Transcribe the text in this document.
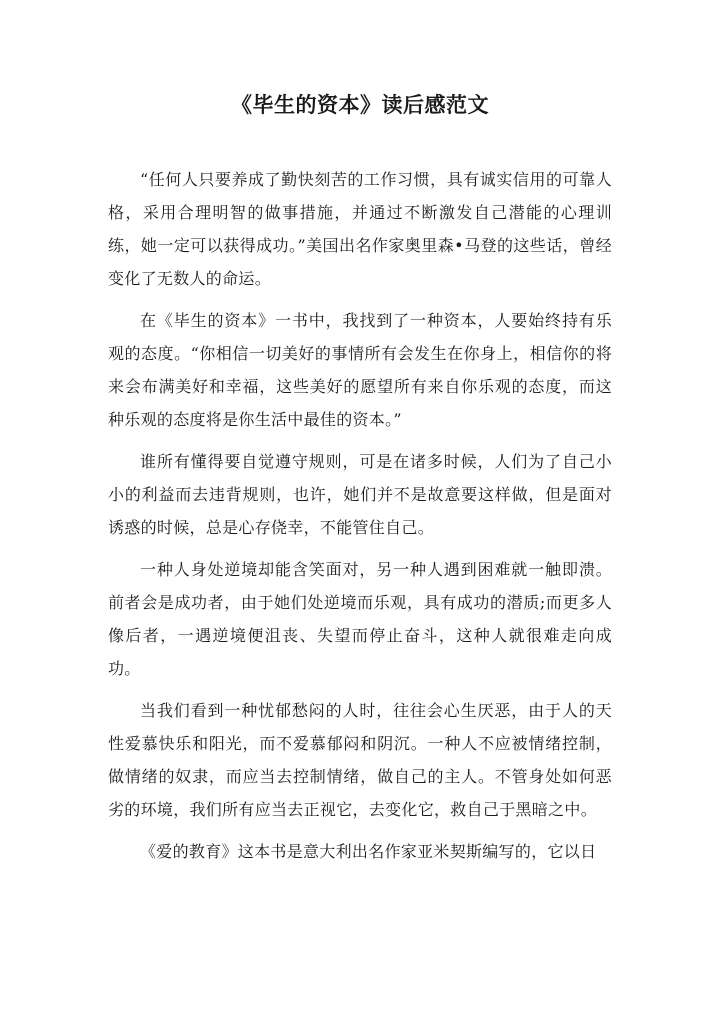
《毕生的资本》读后感范文

“任何人只要养成了勤快刻苦的工作习惯，具有诚实信用的可靠人格，采用合理明智的做事措施，并通过不断激发自己潜能的心理训练，她一定可以获得成功。”美国出名作家奥里森•马登的这些话，曾经变化了无数人的命运。

在《毕生的资本》一书中，我找到了一种资本，人要始终持有乐观的态度。“你相信一切美好的事情所有会发生在你身上，相信你的将来会布满美好和幸福，这些美好的愿望所有来自你乐观的态度，而这种乐观的态度将是你生活中最佳的资本。”

谁所有懂得要自觉遵守规则，可是在诸多时候，人们为了自己小小的利益而去违背规则，也许，她们并不是故意要这样做，但是面对诱惑的时候，总是心存侥幸，不能管住自己。

一种人身处逆境却能含笑面对，另一种人遇到困难就一触即溃。前者会是成功者，由于她们处逆境而乐观，具有成功的潜质;而更多人像后者，一遇逆境便沮丧、失望而停止奋斗，这种人就很难走向成功。

当我们看到一种忧郁愁闷的人时，往往会心生厌恶，由于人的天性爱慕快乐和阳光，而不爱慕郁闷和阴沉。一种人不应被情绪控制，做情绪的奴隶，而应当去控制情绪，做自己的主人。不管身处如何恶劣的环境，我们所有应当去正视它，去变化它，救自己于黑暗之中。

《爱的教育》这本书是意大利出名作家亚米契斯编写的，它以日
